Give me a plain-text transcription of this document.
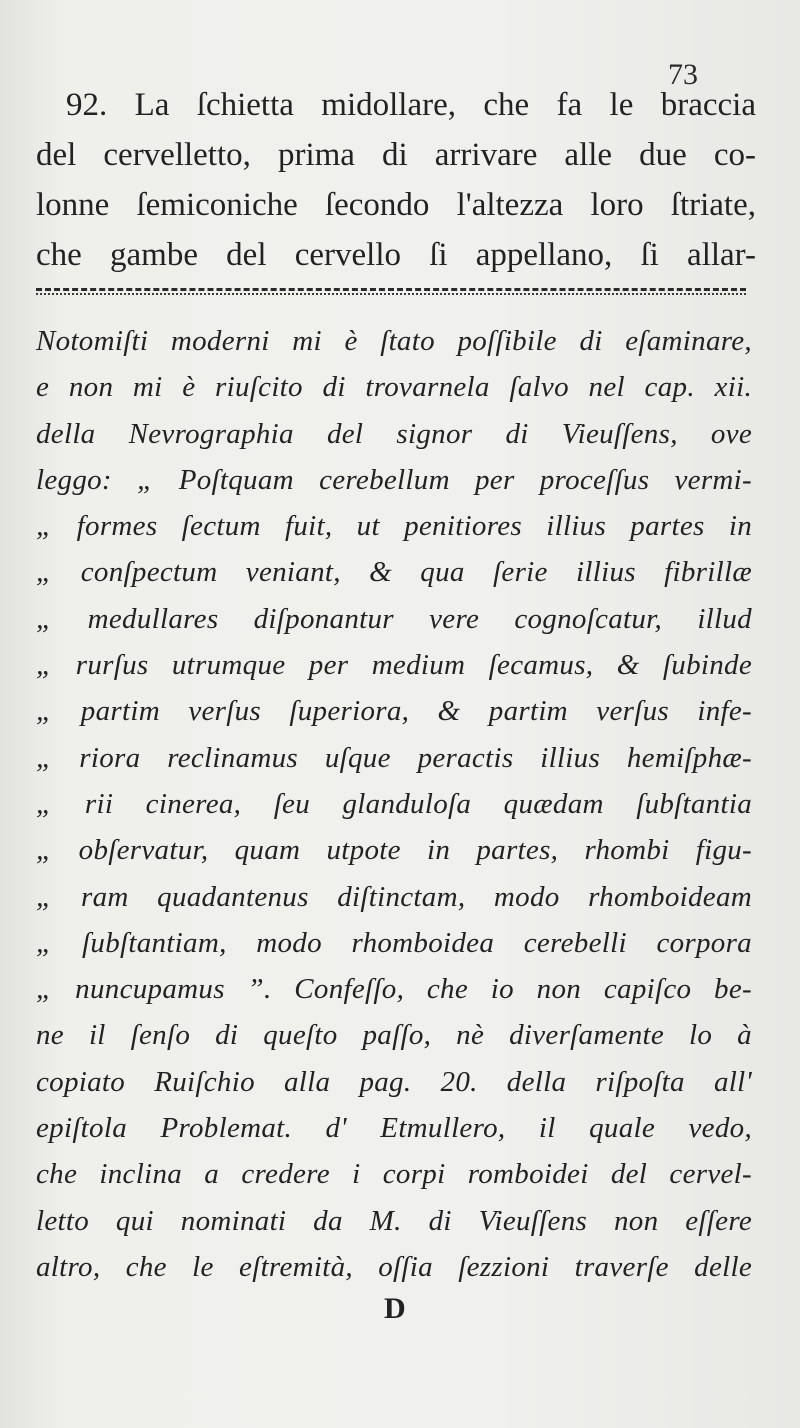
73
92. La ſchietta midollare, che fa le braccia
del cervelletto, prima di arrivare alle due co-
lonne ſemiconiche ſecondo l'altezza loro ſtriate,
che gambe del cervello ſi appellano, ſi allar-
Notomiſti moderni mi è ſtato poſſibile di eſaminare,
e non mi è riuſcito di trovarnela ſalvo nel cap. xii.
della Nevrographia del signor di Vieuſſens, ove
leggo: „ Poſtquam cerebellum per proceſſus vermi-
„ formes ſectum fuit, ut penitiores illius partes in
„ conſpectum veniant, & qua ſerie illius fibrillæ
„ medullares diſponantur vere cognoſcatur, illud
„ rurſus utrumque per medium ſecamus, & ſubinde
„ partim verſus ſuperiora, & partim verſus infe-
„ riora reclinamus uſque peractis illius hemiſphæ-
„ rii cinerea, ſeu glanduloſa quædam ſubſtantia
„ obſervatur, quam utpote in partes, rhombi figu-
„ ram quadantenus diſtinctam, modo rhomboideam
„ ſubſtantiam, modo rhomboidea cerebelli corpora
„ nuncupamus ”. Confeſſo, che io non capiſco be-
ne il ſenſo di queſto paſſo, nè diverſamente lo à
copiato Ruiſchio alla pag. 20. della riſpoſta all'
epiſtola Problemat. d' Etmullero, il quale vedo,
che inclina a credere i corpi romboidei del cervel-
letto qui nominati da M. di Vieuſſens non eſſere
altro, che le eſtremità, oſſia ſezzioni traverſe delle
D
